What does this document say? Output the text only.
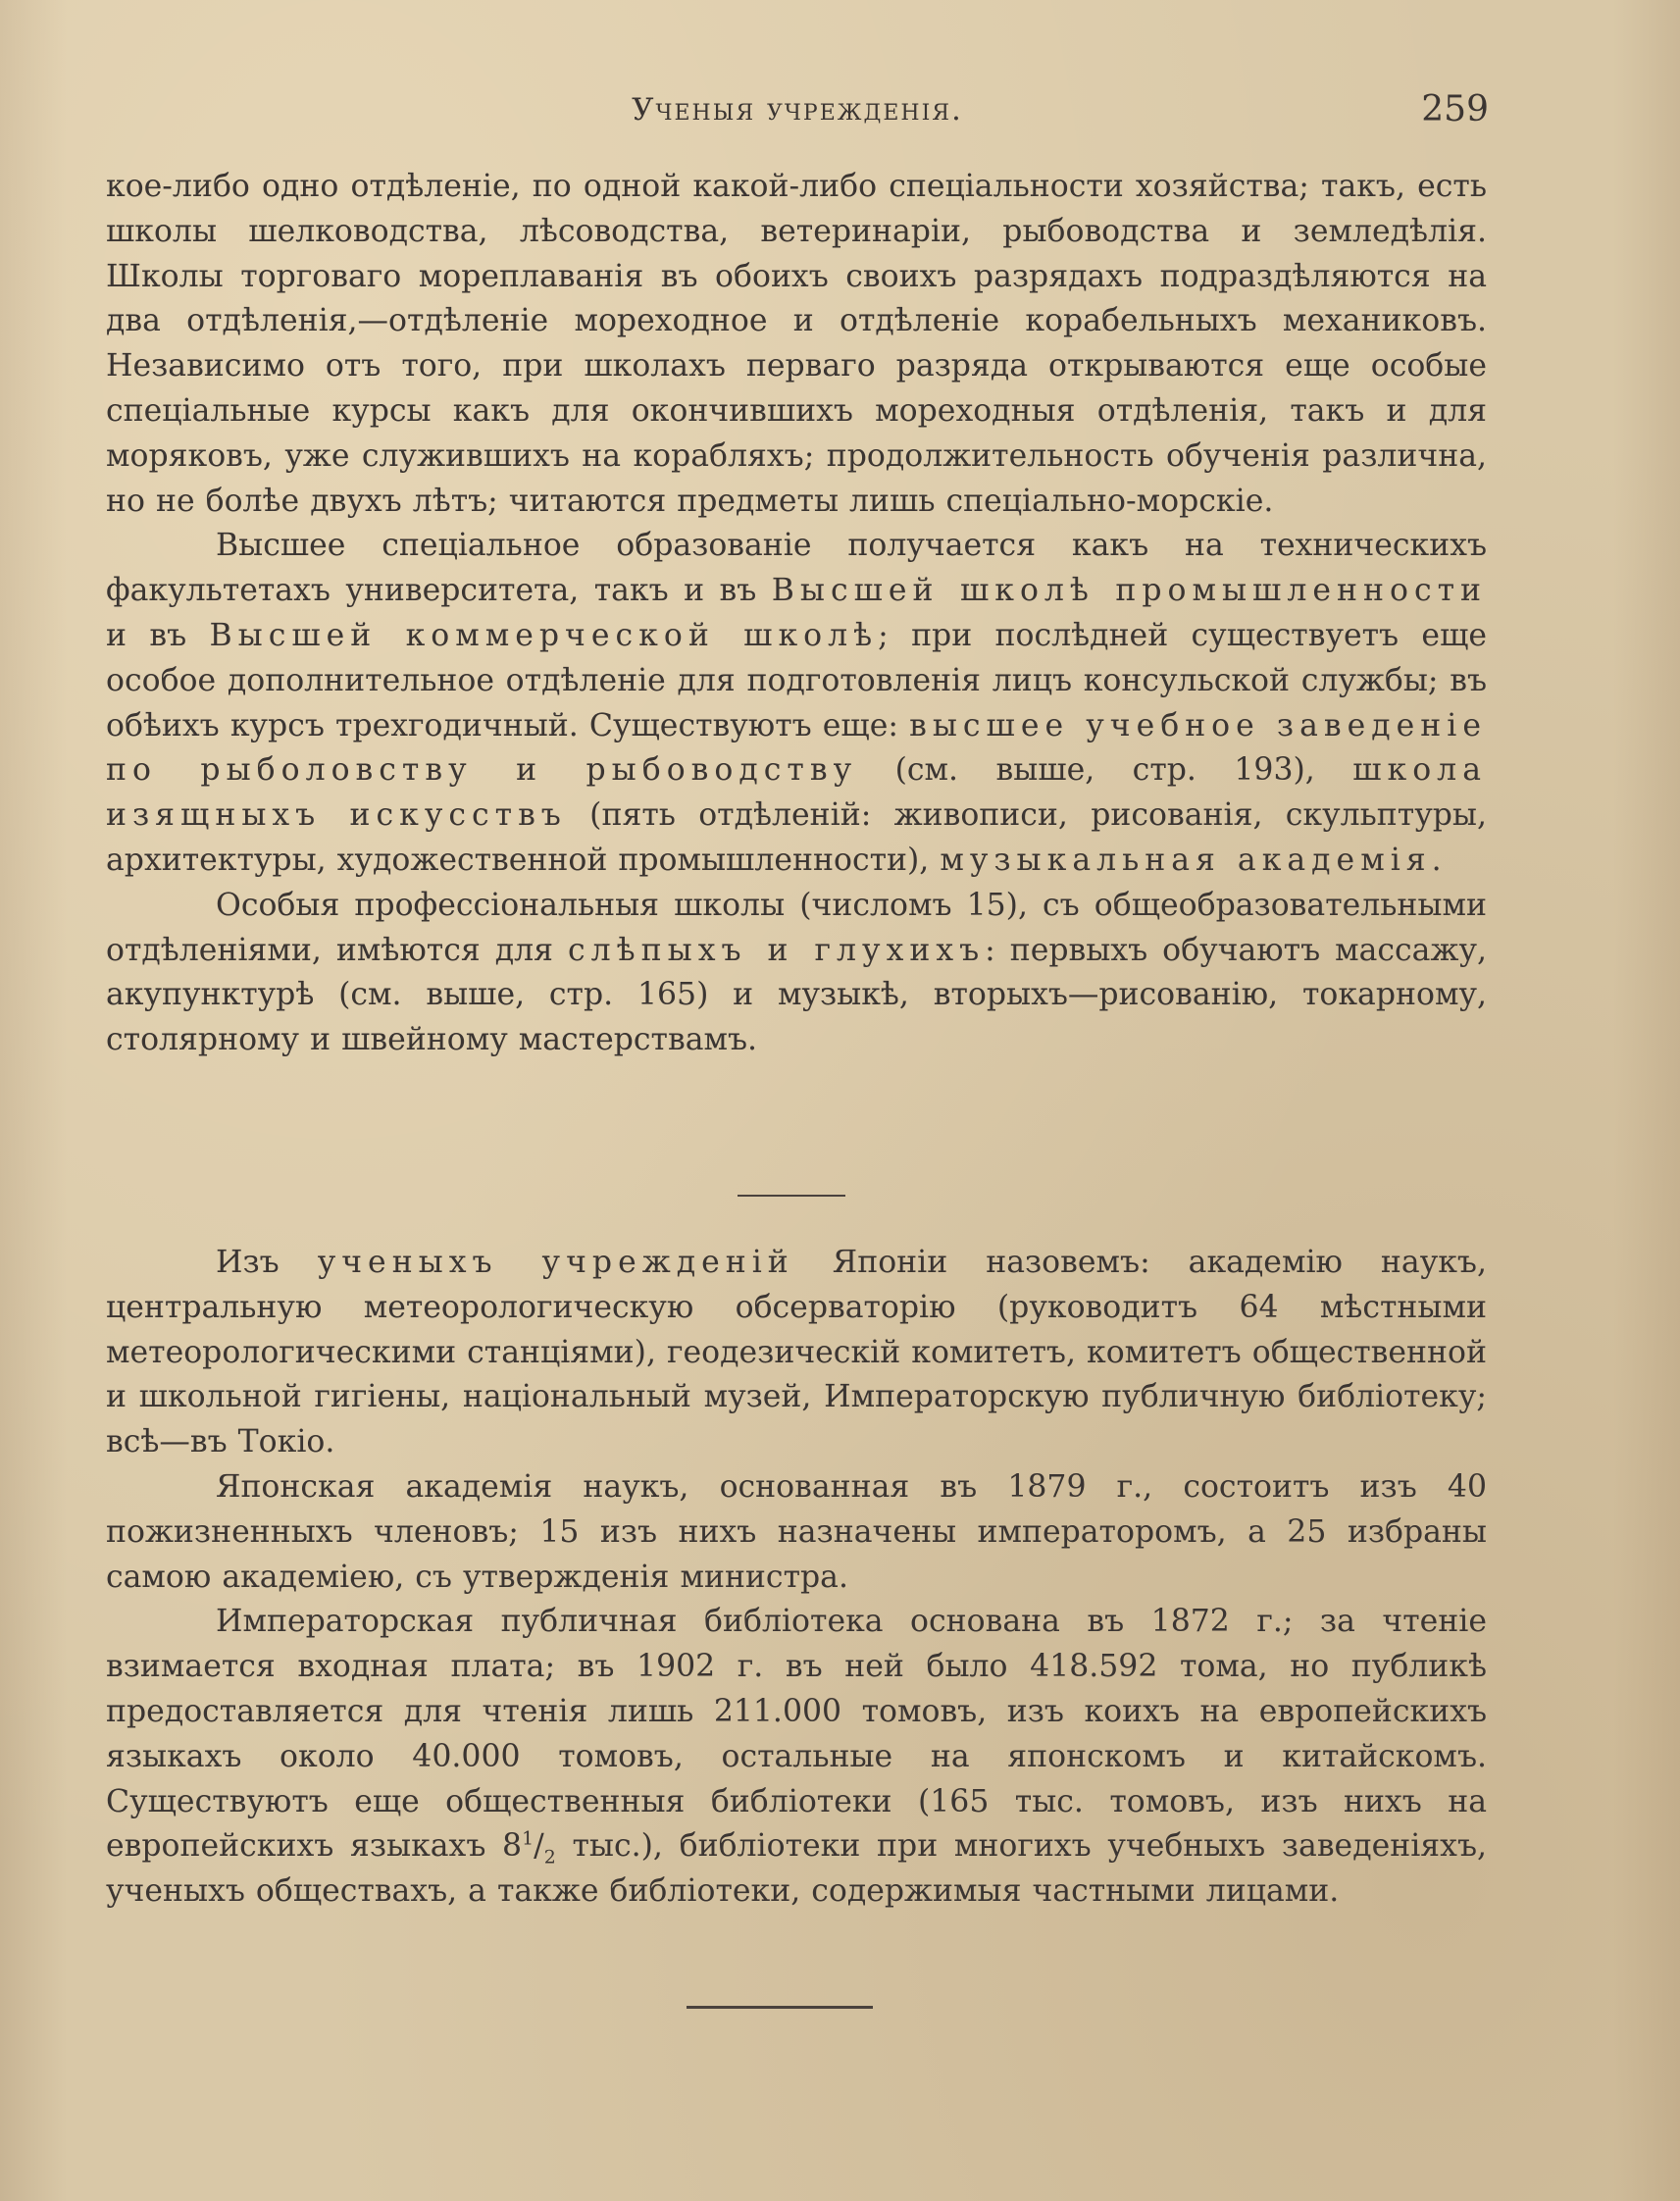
Ученыя учрежденія.	259

кое-либо одно отдѣленіе, по одной какой-либо спеціальности хозяйства; такъ, есть школы шелководства, лѣсоводства, ветеринаріи, рыбоводства и земледѣлія. Школы торговаго мореплаванія въ обоихъ своихъ разрядахъ подраздѣляются на два отдѣленія,—отдѣленіе мореходное и отдѣленіе корабельныхъ механиковъ. Независимо отъ того, при школахъ перваго разряда открываются еще особые спеціальные курсы какъ для окончившихъ мореходныя отдѣленія, такъ и для моряковъ, уже служившихъ на корабляхъ; продолжительность обученія различна, но не болѣе двухъ лѣтъ; читаются предметы лишь спеціально-морскіе.

Высшее спеціальное образованіе получается какъ на техническихъ факультетахъ университета, такъ и въ Высшей школѣ промышленности и въ Высшей коммерческой школѣ; при послѣдней существуетъ еще особое дополнительное отдѣленіе для подготовленія лицъ консульской службы; въ обѣихъ курсъ трехгодичный. Существуютъ еще: высшее учебное заведеніе по рыболовству и рыбоводству (см. выше, стр. 193), школа изящныхъ искусствъ (пять отдѣленій: живописи, рисованія, скульптуры, архитектуры, художественной промышленности), музыкальная академія.

Особыя профессіональныя школы (числомъ 15), съ общеобразовательными отдѣленіями, имѣются для слѣпыхъ и глухихъ: первыхъ обучаютъ массажу, акупунктурѣ (см. выше, стр. 165) и музыкѣ, вторыхъ—рисованію, токарному, столярному и швейному мастерствамъ.

Изъ ученыхъ учрежденій Японіи назовемъ: академію наукъ, центральную метеорологическую обсерваторію (руководитъ 64 мѣстными метеорологическими станціями), геодезическій комитетъ, комитетъ общественной и школьной гигіены, національный музей, Императорскую публичную библіотеку; всѣ—въ Токіо.

Японская академія наукъ, основанная въ 1879 г., состоитъ изъ 40 пожизненныхъ членовъ; 15 изъ нихъ назначены императоромъ, а 25 избраны самою академіею, съ утвержденія министра.

Императорская публичная библіотека основана въ 1872 г.; за чтеніе взимается входная плата; въ 1902 г. въ ней было 418.592 тома, но публикѣ предоставляется для чтенія лишь 211.000 томовъ, изъ коихъ на европейскихъ языкахъ около 40.000 томовъ, остальные на японскомъ и китайскомъ. Существуютъ еще общественныя библіотеки (165 тыс. томовъ, изъ нихъ на европейскихъ языкахъ $8^1/_2$ тыс.), библіотеки при многихъ учебныхъ заведеніяхъ, ученыхъ обществахъ, а также библіотеки, содержимыя частными лицами.
